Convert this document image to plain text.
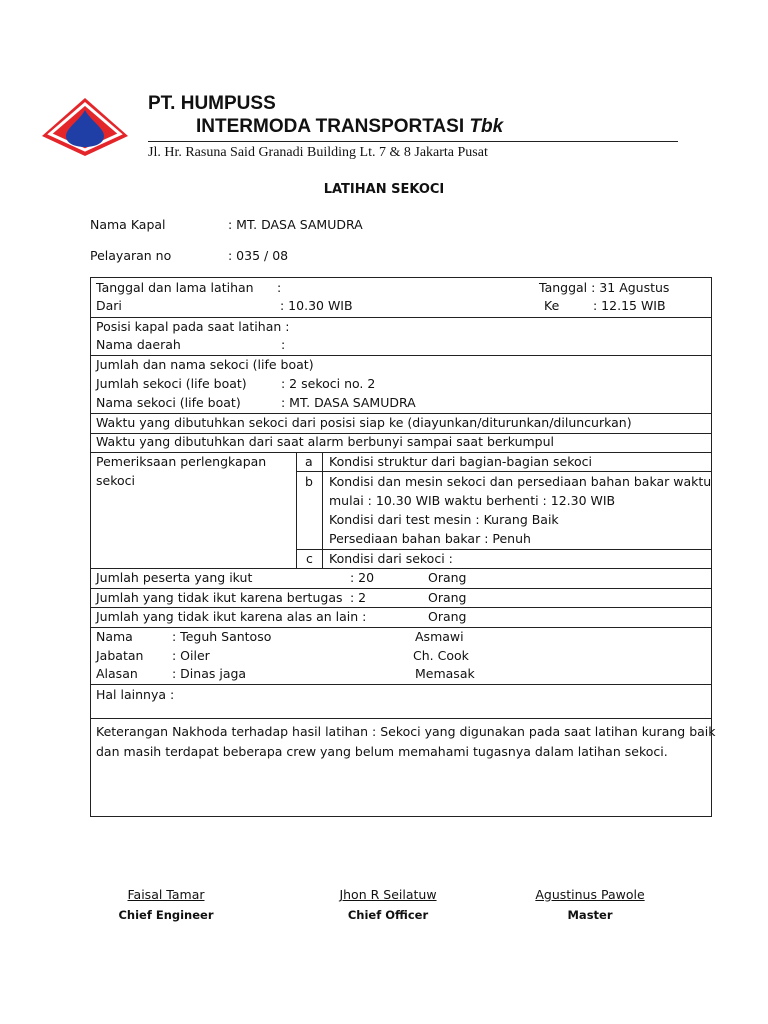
PT. HUMPUSS
INTERMODA TRANSPORTASI Tbk
Jl. Hr. Rasuna Said Granadi Building Lt. 7 & 8 Jakarta Pusat
LATIHAN SEKOCI
Nama Kapal	: MT. DASA SAMUDRA
Pelayaran no	: 035 / 08
Tanggal dan lama latihan :	Tanggal : 31 Agustus
Dari	: 10.30 WIB	Ke	: 12.15 WIB
Posisi kapal pada saat latihan :
Nama daerah	:
Jumlah dan nama sekoci (life boat)
Jumlah sekoci (life boat)	: 2 sekoci no. 2
Nama sekoci (life boat)	: MT. DASA SAMUDRA
Waktu yang dibutuhkan sekoci dari posisi siap ke (diayunkan/diturunkan/diluncurkan)
Waktu yang dibutuhkan dari saat alarm berbunyi sampai saat berkumpul
Pemeriksaan perlengkapan
sekoci
a Kondisi struktur dari bagian-bagian sekoci
b Kondisi dan mesin sekoci dan persediaan bahan bakar waktu
mulai : 10.30 WIB waktu berhenti : 12.30 WIB
Kondisi dari test mesin : Kurang Baik
Persediaan bahan bakar : Penuh
c Kondisi dari sekoci :
Jumlah peserta yang ikut	: 20	Orang
Jumlah yang tidak ikut karena bertugas : 2	Orang
Jumlah yang tidak ikut karena alas an lain :	Orang
Nama	: Teguh Santoso	Asmawi
Jabatan : Oiler	Ch. Cook
Alasan	: Dinas jaga	Memasak
Hal lainnya :
Keterangan Nakhoda terhadap hasil latihan : Sekoci yang digunakan pada saat latihan kurang baik
dan masih terdapat beberapa crew yang belum memahami tugasnya dalam latihan sekoci.
Faisal Tamar
Chief Engineer
Jhon R Seilatuw
Chief Officer
Agustinus Pawole
Master
